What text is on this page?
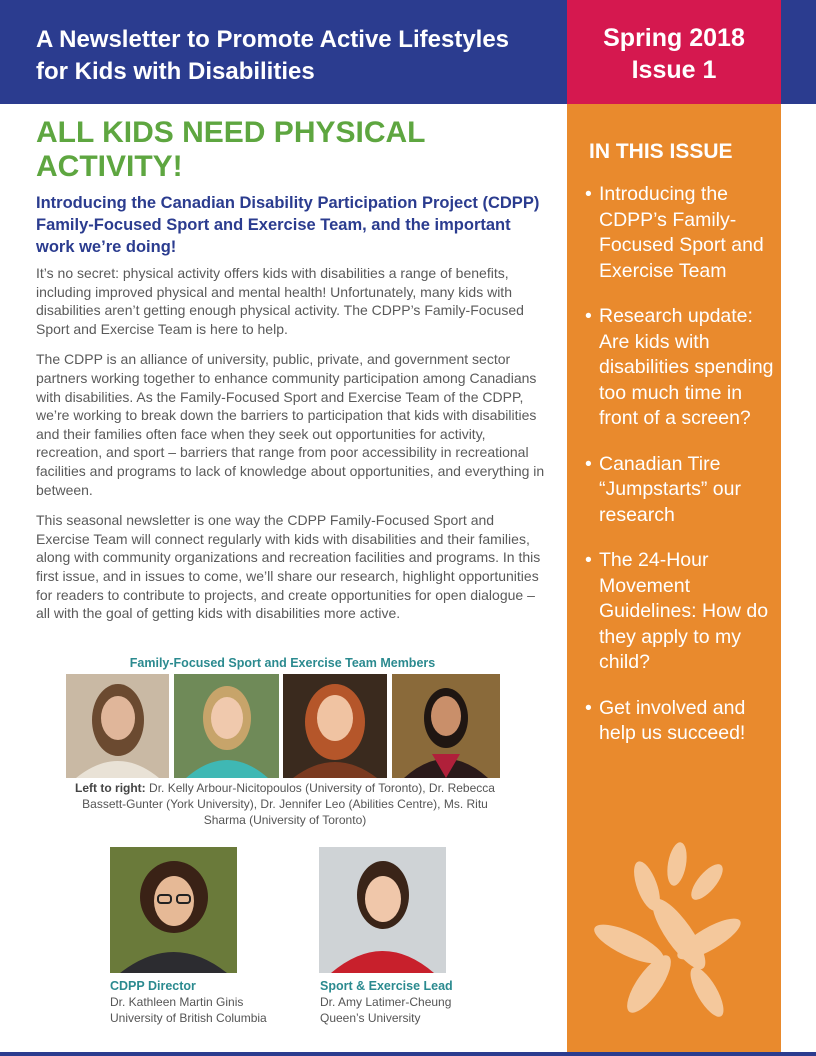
A Newsletter to Promote Active Lifestyles
for Kids with Disabilities
Spring 2018
Issue 1
IN THIS ISSUE
• Introducing the CDPP’s Family-Focused Sport and Exercise Team
• Research update: Are kids with disabilities spending too much time in front of a screen?
• Canadian Tire “Jumpstarts” our research
• The 24-Hour Movement Guidelines: How do they apply to my child?
• Get involved and help us succeed!
ALL KIDS NEED PHYSICAL ACTIVITY!
Introducing the Canadian Disability Participation Project (CDPP) Family-Focused Sport and Exercise Team, and the important work we’re doing!

It’s no secret: physical activity offers kids with disabilities a range of benefits, including improved physical and mental health! Unfortunately, many kids with disabilities aren’t getting enough physical activity. The CDPP’s Family-Focused Sport and Exercise Team is here to help.

The CDPP is an alliance of university, public, private, and government sector partners working together to enhance community participation among Canadians with disabilities. As the Family-Focused Sport and Exercise Team of the CDPP, we’re working to break down the barriers to participation that kids with disabilities and their families often face when they seek out opportunities for activity, recreation, and sport – barriers that range from poor accessibility in recreational facilities and programs to lack of knowledge about opportunities, and everything in between.

This seasonal newsletter is one way the CDPP Family-Focused Sport and Exercise Team will connect regularly with kids with disabilities and their families, along with community organizations and recreation facilities and programs. In this first issue, and in issues to come, we’ll share our research, highlight opportunities for readers to contribute to projects, and create opportunities for open dialogue – all with the goal of getting kids with disabilities more active.

Family-Focused Sport and Exercise Team Members
Left to right: Dr. Kelly Arbour-Nicitopoulos (University of Toronto), Dr. Rebecca Bassett-Gunter (York University), Dr. Jennifer Leo (Abilities Centre), Ms. Ritu Sharma (University of Toronto)
CDPP Director
Dr. Kathleen Martin Ginis
University of British Columbia
Sport & Exercise Lead
Dr. Amy Latimer-Cheung
Queen’s University
